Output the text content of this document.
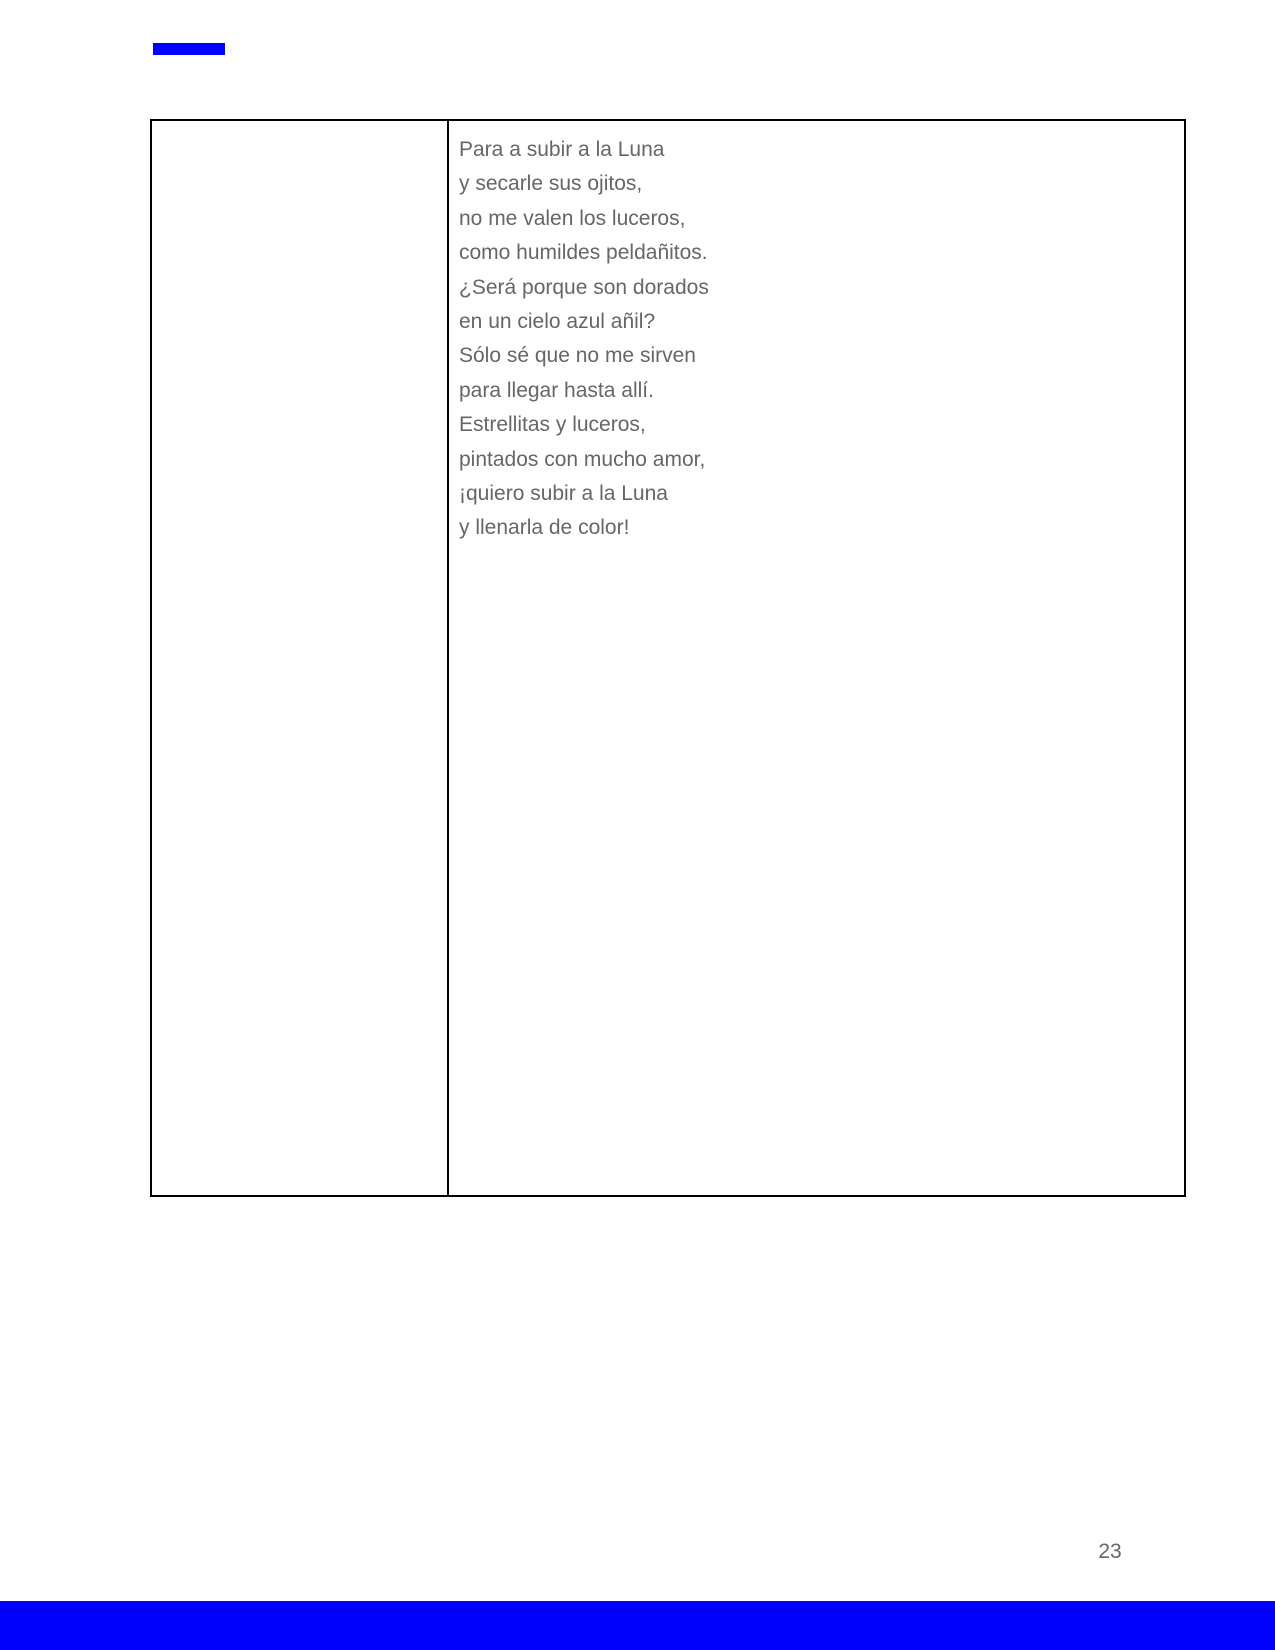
Para a subir a la Luna
y secarle sus ojitos,
no me valen los luceros,
como humildes peldañitos.
¿Será porque son dorados
en un cielo azul añil?
Sólo sé que no me sirven
para llegar hasta allí.
Estrellitas y luceros,
pintados con mucho amor,
¡quiero subir a la Luna
y llenarla de color!
23
